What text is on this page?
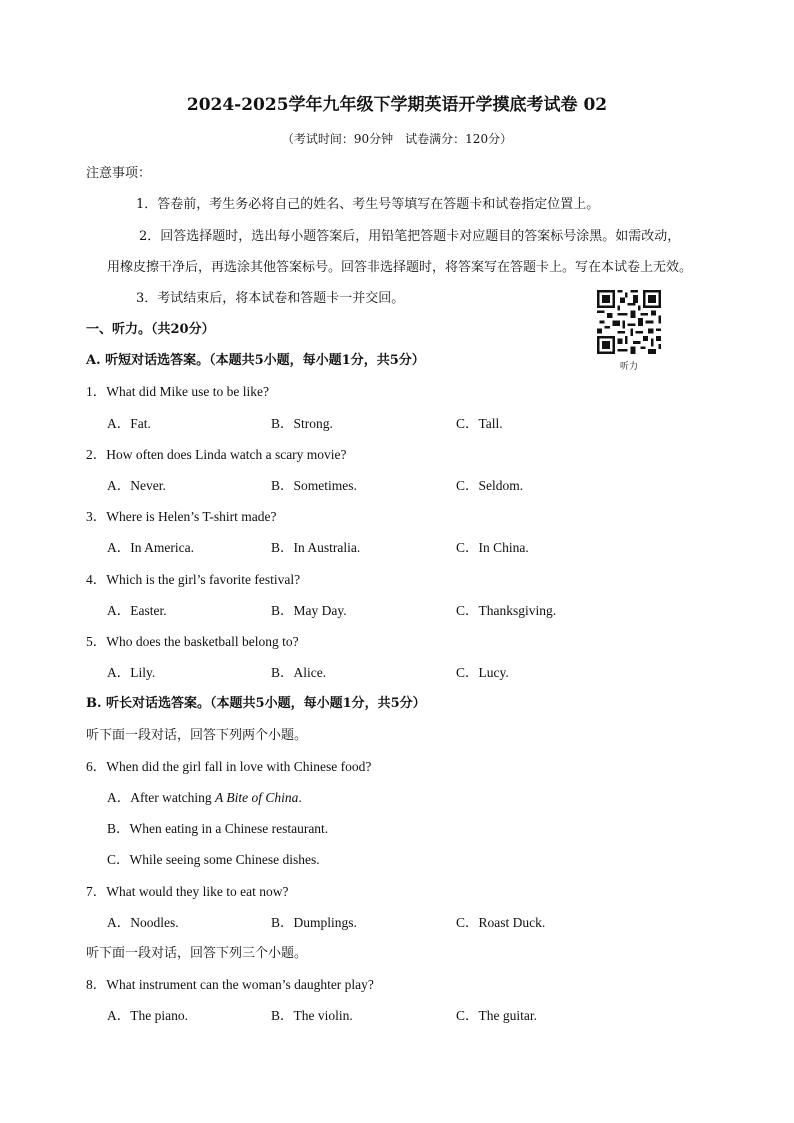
2024-2025学年九年级下学期英语开学摸底考试卷 02
（考试时间：90分钟　试卷满分：120分）
注意事项：
1．答卷前，考生务必将自己的姓名、考生号等填写在答题卡和试卷指定位置上。
2．回答选择题时，选出每小题答案后，用铅笔把答题卡对应题目的答案标号涂黑。如需改动，
用橡皮擦干净后，再选涂其他答案标号。回答非选择题时，将答案写在答题卡上。写在本试卷上无效。
3．考试结束后，将本试卷和答题卡一并交回。
听力
一、听力。（共20分）
A. 听短对话选答案。（本题共5小题，每小题1分，共5分）
1．What did Mike use to be like?
A．Fat.	B．Strong.	C．Tall.
2．How often does Linda watch a scary movie?
A．Never.	B．Sometimes.	C．Seldom.
3．Where is Helen’s T-shirt made?
A．In America.	B．In Australia.	C．In China.
4．Which is the girl’s favorite festival?
A．Easter.	B．May Day.	C．Thanksgiving.
5．Who does the basketball belong to?
A．Lily.	B．Alice.	C．Lucy.
B. 听长对话选答案。（本题共5小题，每小题1分，共5分）
听下面一段对话，回答下列两个小题。
6．When did the girl fall in love with Chinese food?
A．After watching A Bite of China.
B．When eating in a Chinese restaurant.
C．While seeing some Chinese dishes.
7．What would they like to eat now?
A．Noodles.	B．Dumplings.	C．Roast Duck.
听下面一段对话，回答下列三个小题。
8．What instrument can the woman’s daughter play?
A．The piano.	B．The violin.	C．The guitar.
